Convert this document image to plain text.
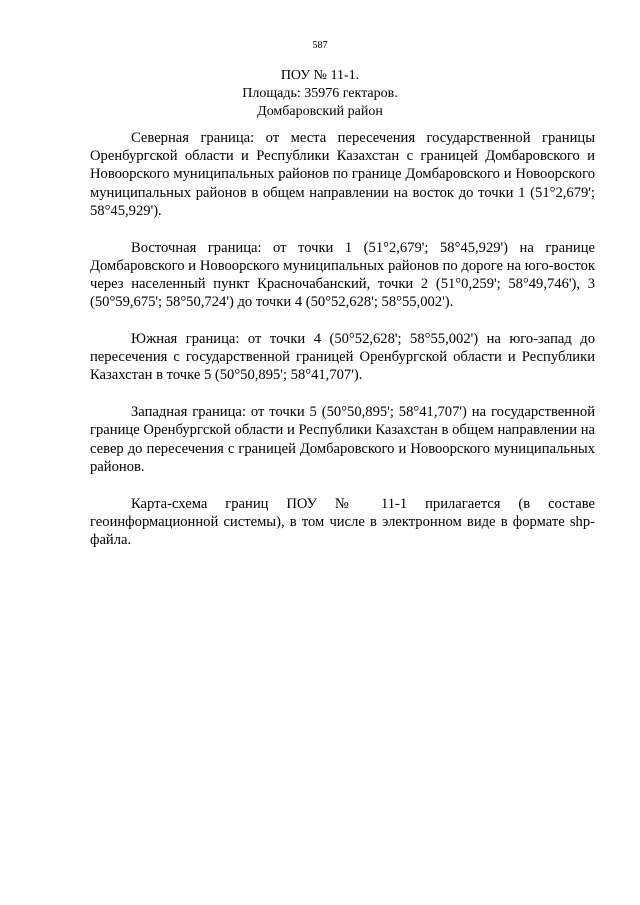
587
ПОУ № 11-1.
Площадь: 35976 гектаров.
Домбаровский район

Северная граница: от места пересечения государственной границы Оренбургской области и Республики Казахстан с границей Домбаровского и Новоорского муниципальных районов по границе Домбаровского и Новоорского муниципальных районов в общем направлении на восток до точки 1 (51°2,679'; 58°45,929').

Восточная граница: от точки 1 (51°2,679'; 58°45,929') на границе Домбаровского и Новоорского муниципальных районов по дороге на юго-восток через населенный пункт Красночабанский, точки 2 (51°0,259'; 58°49,746'), 3 (50°59,675'; 58°50,724') до точки 4 (50°52,628'; 58°55,002').

Южная граница: от точки 4 (50°52,628'; 58°55,002') на юго-запад до пересечения с государственной границей Оренбургской области и Республики Казахстан в точке 5 (50°50,895'; 58°41,707').

Западная граница: от точки 5 (50°50,895'; 58°41,707') на государственной границе Оренбургской области и Республики Казахстан в общем направлении на север до пересечения с границей Домбаровского и Новоорского муниципальных районов.

Карта-схема границ ПОУ № 11-1 прилагается (в составе геоинформационной системы), в том числе в электронном виде в формате shp-файла.
